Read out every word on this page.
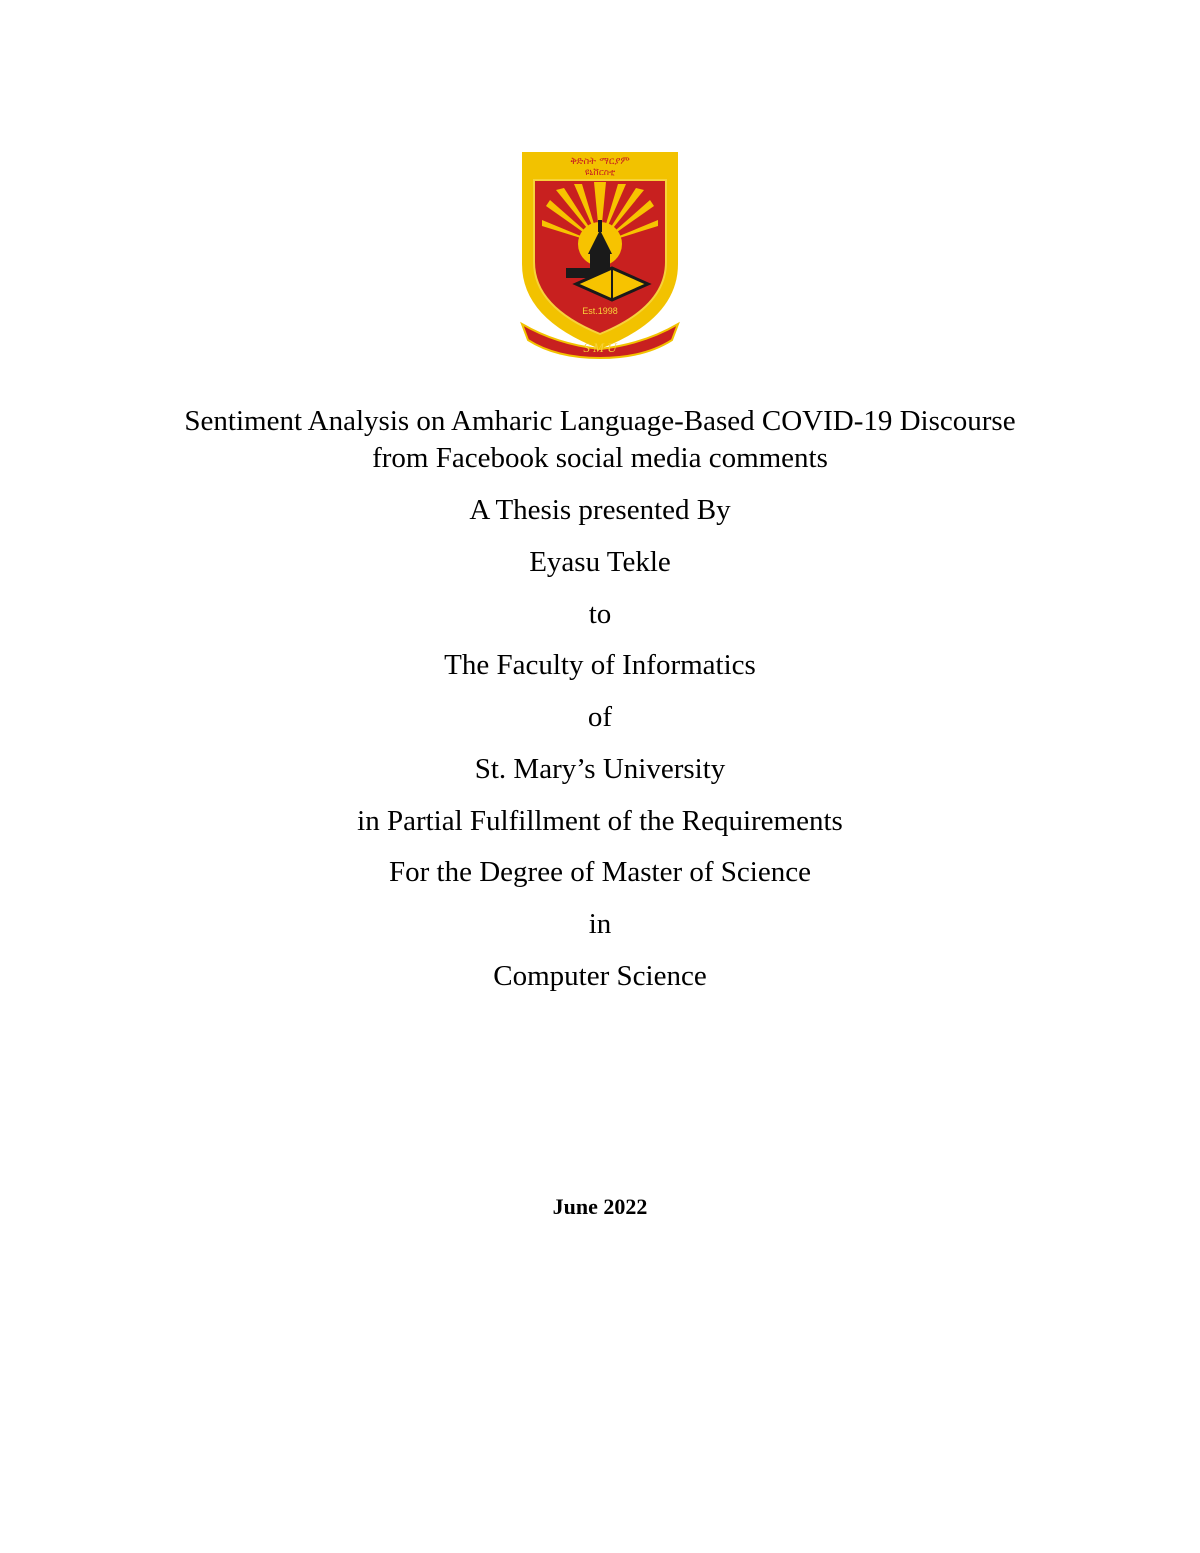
Est.1998
ቅድስት ማርያም
ዩኒቨርስቲ
S M U
Sentiment Analysis on Amharic Language-Based COVID-19 Discourse
from Facebook social media comments
A Thesis presented By
Eyasu Tekle
to
The Faculty of Informatics
of
St. Mary’s University
in Partial Fulfillment of the Requirements
For the Degree of Master of Science
in
Computer Science
June 2022
